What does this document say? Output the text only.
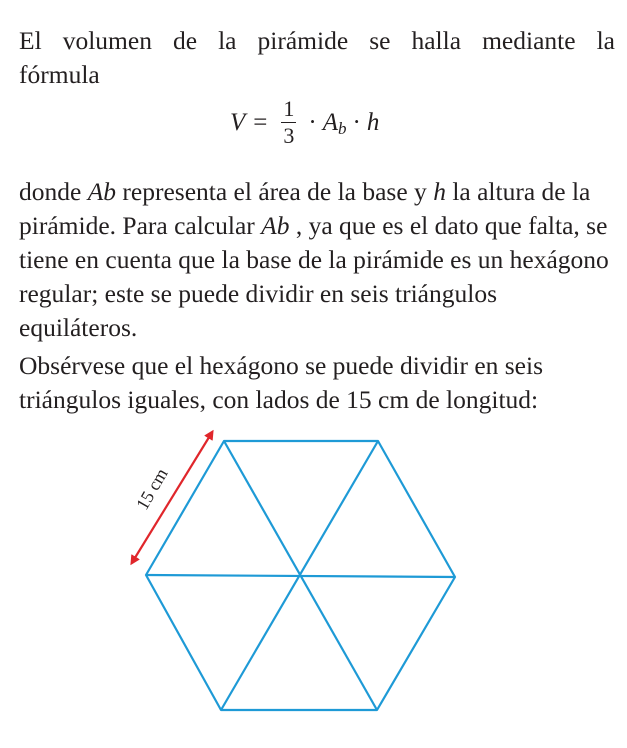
El volumen de la pirámide se halla mediante la
fórmula
$V = \frac{1}{3} \cdot A$ b · h

donde Ab representa el área de la base y h la altura de la pirámide. Para calcular Ab , ya que es el dato que falta, se tiene en cuenta que la base de la pirámide es un hexágono regular; este se puede dividir en seis triángulos equiláteros.

Obsérvese que el hexágono se puede dividir en seis triángulos iguales, con lados de 15 cm de longitud:

15 cm
